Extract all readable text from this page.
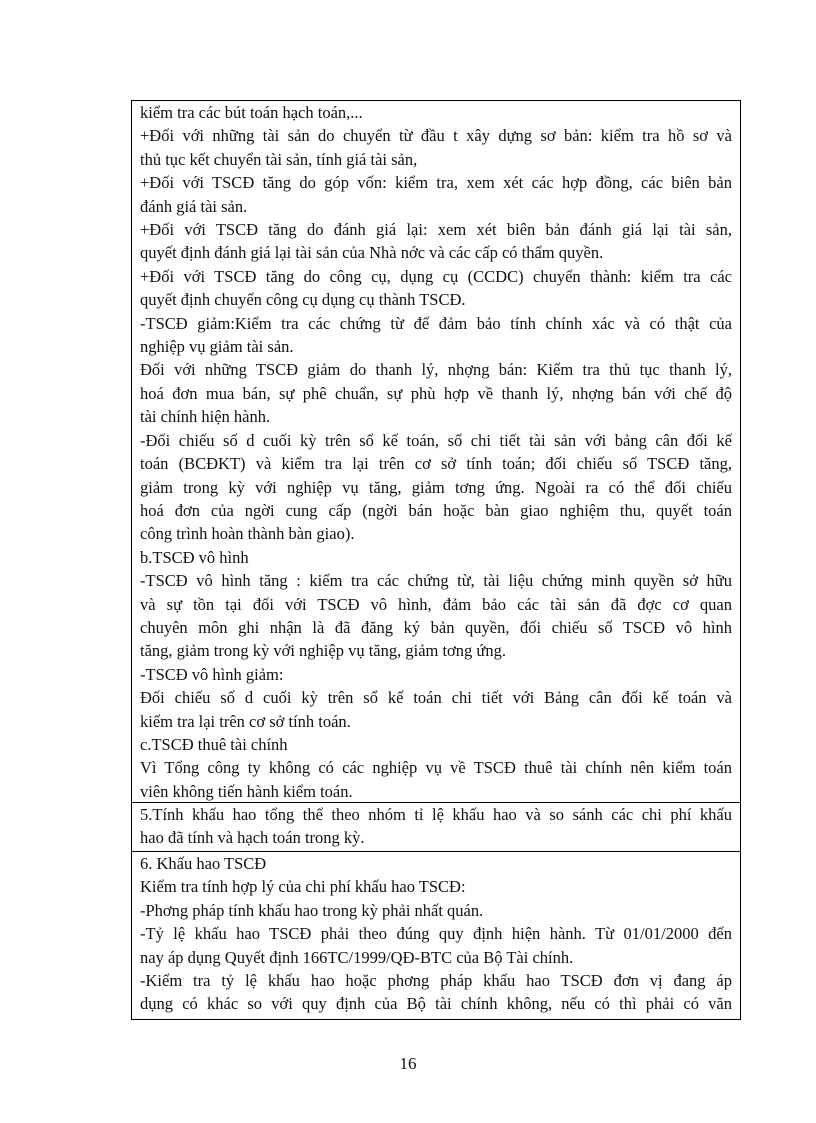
kiểm tra các bút toán hạch toán,...
+Đối với những tài sản do chuyển từ đầu t xây dựng sơ bản: kiểm tra hồ sơ và
thủ tục kết chuyển tài sản, tính giá tài sản,
+Đối với TSCĐ tăng do góp vốn: kiểm tra, xem xét các hợp đồng, các biên bản
đánh giá tài sản.
+Đối với TSCĐ tăng do đánh giá lại: xem xét biên bản đánh giá lại tài sản,
quyết định đánh giá lại tài sản của Nhà nớc và các cấp có thẩm quyền.
+Đối với TSCĐ tăng do công cụ, dụng cụ (CCDC) chuyển thành: kiểm tra các
quyết định chuyển công cụ dụng cụ thành TSCĐ.
-TSCĐ giảm:Kiểm tra các chứng từ để đảm bảo tính chính xác và có thật của
nghiệp vụ giảm tài sản.
Đối với những TSCĐ giảm do thanh lý, nhợng bán: Kiểm tra thủ tục thanh lý,
hoá đơn mua bán, sự phê chuẩn, sự phù hợp về thanh lý, nhợng bán với chế độ
tài chính hiện hành.
-Đối chiếu số d cuối kỳ trên sổ kế toán, sổ chi tiết tài sản với bảng cân đối kế
toán (BCĐKT) và kiểm tra lại trên cơ sở tính toán; đối chiếu số TSCĐ tăng,
giảm trong kỳ với nghiệp vụ tăng, giảm tơng ứng. Ngoài ra có thể đối chiếu
hoá đơn của ngời cung cấp (ngời bán hoặc bàn giao nghiệm thu, quyết toán
công trình hoàn thành bàn giao).
b.TSCĐ vô hình
-TSCĐ vô hình tăng : kiểm tra các chứng từ, tài liệu chứng minh quyền sở hữu
và sự tồn tại đối với TSCĐ vô hình, đảm bảo các tài sản đã đợc cơ quan
chuyên môn ghi nhận là đã đăng ký bản quyền, đối chiếu số TSCĐ vô hình
tăng, giảm trong kỳ với nghiệp vụ tăng, giảm tơng ứng.
-TSCĐ vô hình giảm:
Đối chiếu số d cuối kỳ trên sổ kế toán chi tiết với Bảng cân đối kế toán và
kiểm tra lại trên cơ sở tính toán.
c.TSCĐ thuê tài chính
Vì Tổng công ty không có các nghiệp vụ về TSCĐ thuê tài chính nên kiểm toán
viên không tiến hành kiểm toán.
5.Tính khấu hao tổng thể theo nhóm tỉ lệ khấu hao và so sánh các chi phí khấu
hao đã tính và hạch toán trong kỳ.
6. Khấu hao TSCĐ
Kiểm tra tính hợp lý của chi phí khấu hao TSCĐ:
-Phơng pháp tính khấu hao trong kỳ phải nhất quán.
-Tỷ lệ khấu hao TSCĐ phải theo đúng quy định hiện hành. Từ 01/01/2000 đến
nay áp dụng Quyết định 166TC/1999/QĐ-BTC của Bộ Tài chính.
-Kiểm tra tỷ lệ khấu hao hoặc phơng pháp khấu hao TSCĐ đơn vị đang áp
dụng có khác so với quy định của Bộ tài chính không, nếu có thì phải có văn
16
